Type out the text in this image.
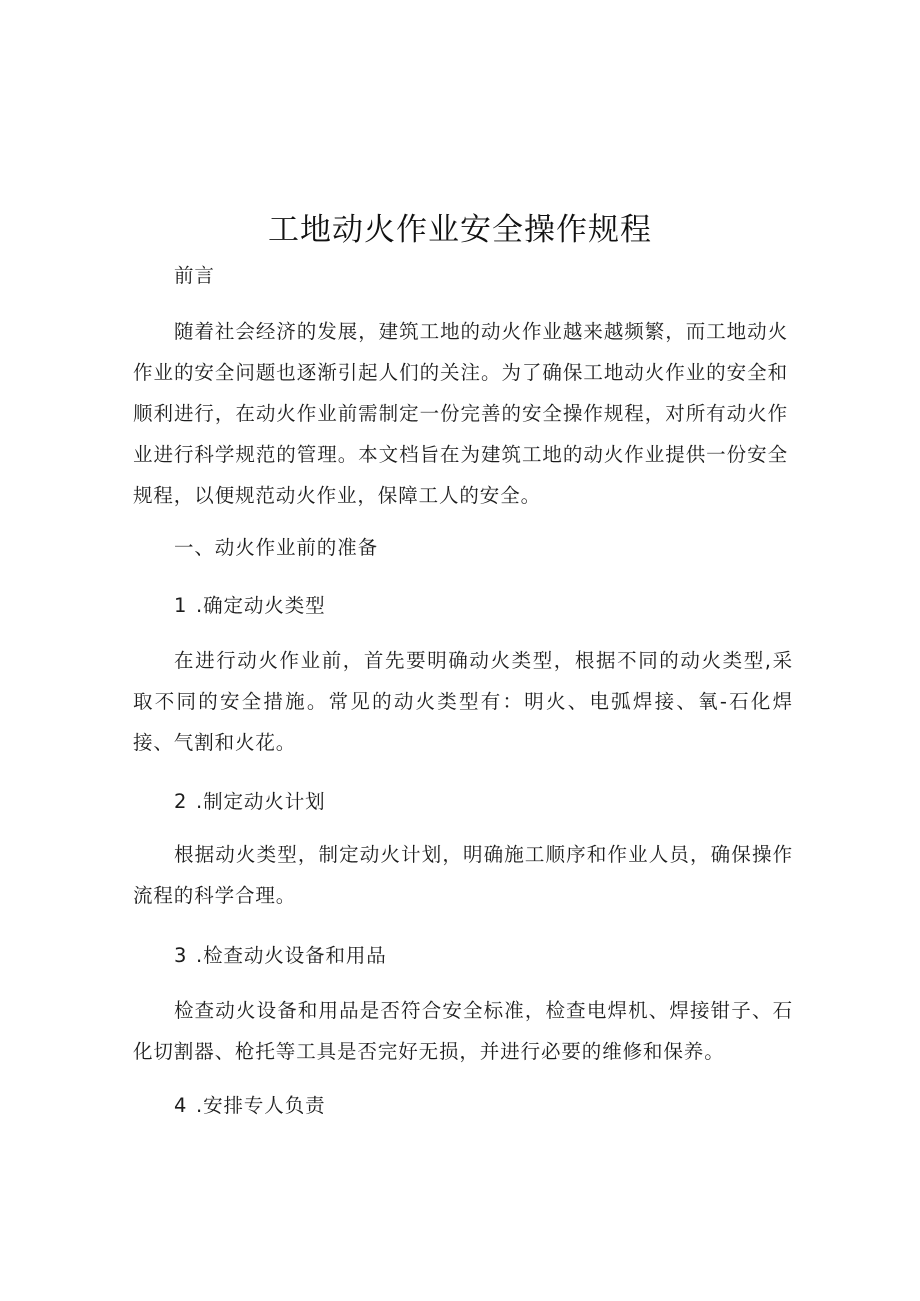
工地动火作业安全操作规程
前言

随着社会经济的发展，建筑工地的动火作业越来越频繁，而工地动火作业的安全问题也逐渐引起人们的关注。为了确保工地动火作业的安全和顺利进行，在动火作业前需制定一份完善的安全操作规程，对所有动火作业进行科学规范的管理。本文档旨在为建筑工地的动火作业提供一份安全规程，以便规范动火作业，保障工人的安全。

一、动火作业前的准备
1 .确定动火类型

在进行动火作业前，首先要明确动火类型，根据不同的动火类型,采取不同的安全措施。常见的动火类型有：明火、电弧焊接、氧-石化焊接、气割和火花。

2 .制定动火计划

根据动火类型，制定动火计划，明确施工顺序和作业人员，确保操作流程的科学合理。

3 .检查动火设备和用品

检查动火设备和用品是否符合安全标准，检查电焊机、焊接钳子、石化切割器、枪托等工具是否完好无损，并进行必要的维修和保养。

4 .安排专人负责
